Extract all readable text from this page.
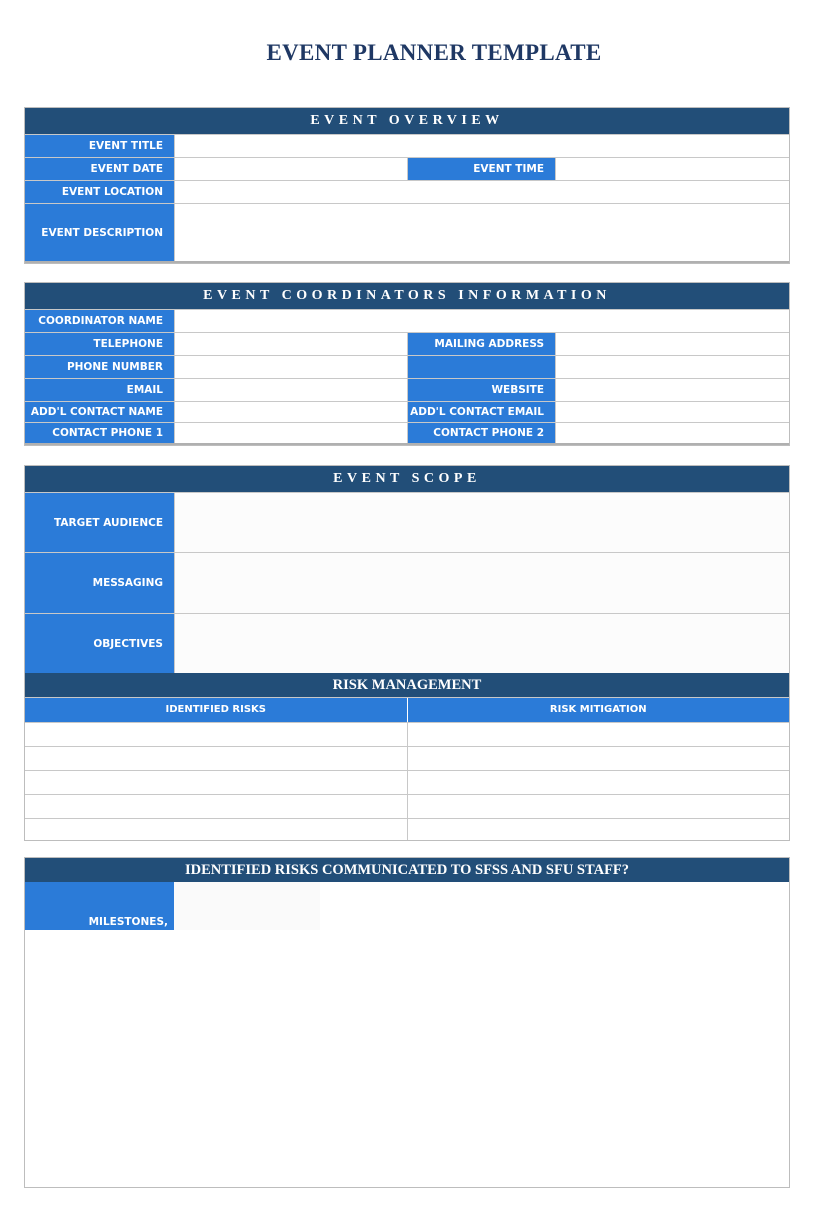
EVENT PLANNER TEMPLATE
EVENT OVERVIEW
EVENT TITLE
EVENT DATE	EVENT TIME
EVENT LOCATION
EVENT DESCRIPTION
EVENT COORDINATORS INFORMATION
COORDINATOR NAME
TELEPHONE	MAILING ADDRESS
PHONE NUMBER
EMAIL	WEBSITE
ADD'L CONTACT NAME	ADD'L CONTACT EMAIL
CONTACT PHONE 1	CONTACT PHONE 2
EVENT SCOPE
TARGET AUDIENCE
MESSAGING
OBJECTIVES
RISK MANAGEMENT
IDENTIFIED RISKS	RISK MITIGATION
IDENTIFIED RISKS COMMUNICATED TO SFSS AND SFU STAFF?
MILESTONES,
